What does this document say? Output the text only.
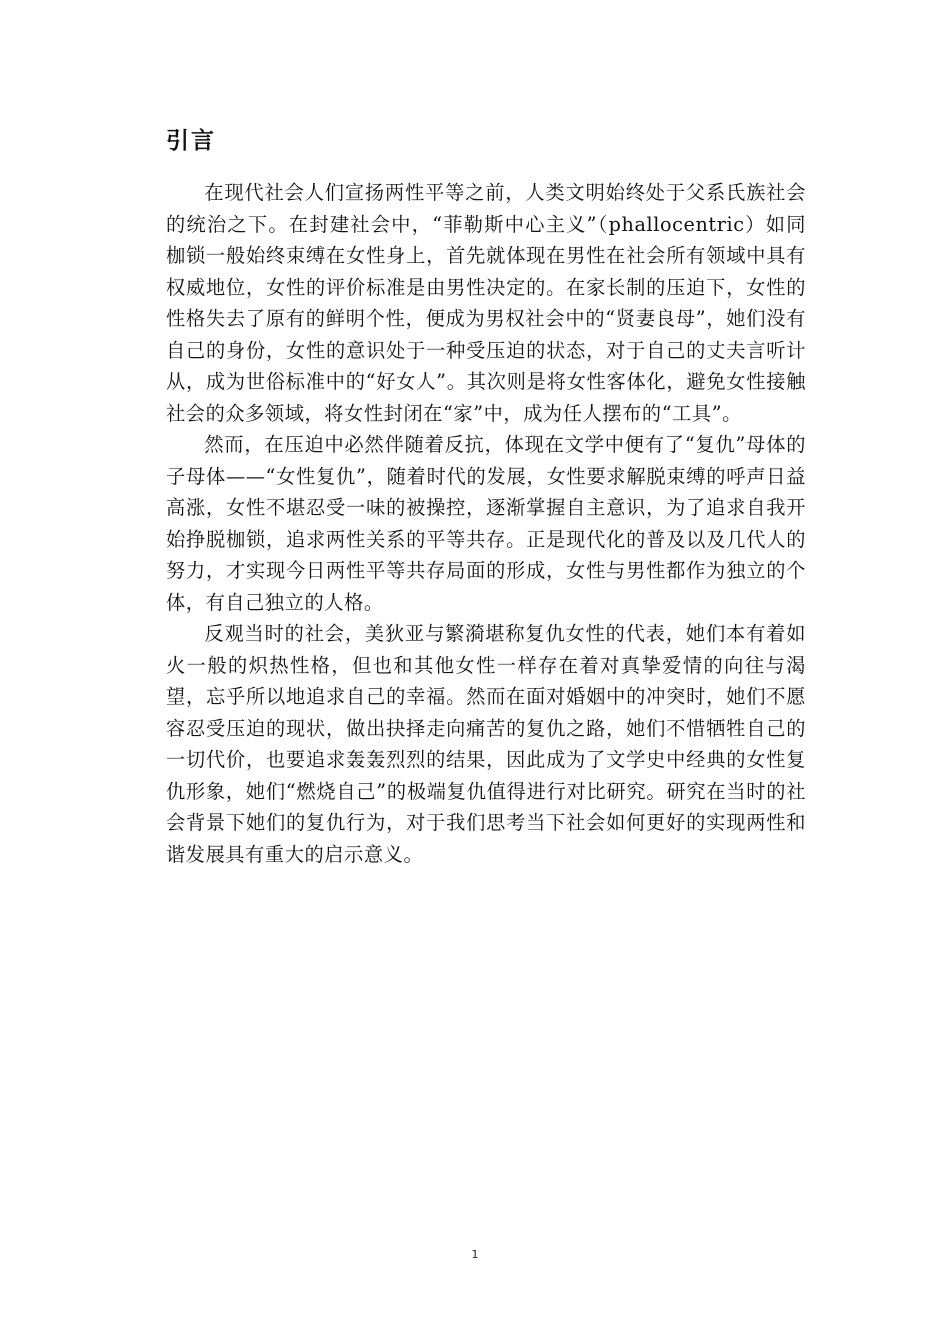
引言

在现代社会人们宣扬两性平等之前，人类文明始终处于父系氏族社会的统治之下。在封建社会中，“菲勒斯中心主义”（phallocentric）如同枷锁一般始终束缚在女性身上，首先就体现在男性在社会所有领域中具有权威地位，女性的评价标准是由男性决定的。在家长制的压迫下，女性的性格失去了原有的鲜明个性，便成为男权社会中的“贤妻良母”，她们没有自己的身份，女性的意识处于一种受压迫的状态，对于自己的丈夫言听计从，成为世俗标准中的“好女人”。其次则是将女性客体化，避免女性接触社会的众多领域，将女性封闭在“家”中，成为任人摆布的“工具”。

然而，在压迫中必然伴随着反抗，体现在文学中便有了“复仇”母体的子母体——“女性复仇”，随着时代的发展，女性要求解脱束缚的呼声日益高涨，女性不堪忍受一味的被操控，逐渐掌握自主意识，为了追求自我开始挣脱枷锁，追求两性关系的平等共存。正是现代化的普及以及几代人的努力，才实现今日两性平等共存局面的形成，女性与男性都作为独立的个体，有自己独立的人格。

反观当时的社会，美狄亚与繁漪堪称复仇女性的代表，她们本有着如火一般的炽热性格，但也和其他女性一样存在着对真挚爱情的向往与渴望，忘乎所以地追求自己的幸福。然而在面对婚姻中的冲突时，她们不愿容忍受压迫的现状，做出抉择走向痛苦的复仇之路，她们不惜牺牲自己的一切代价，也要追求轰轰烈烈的结果，因此成为了文学史中经典的女性复仇形象，她们“燃烧自己”的极端复仇值得进行对比研究。研究在当时的社会背景下她们的复仇行为，对于我们思考当下社会如何更好的实现两性和谐发展具有重大的启示意义。

1
